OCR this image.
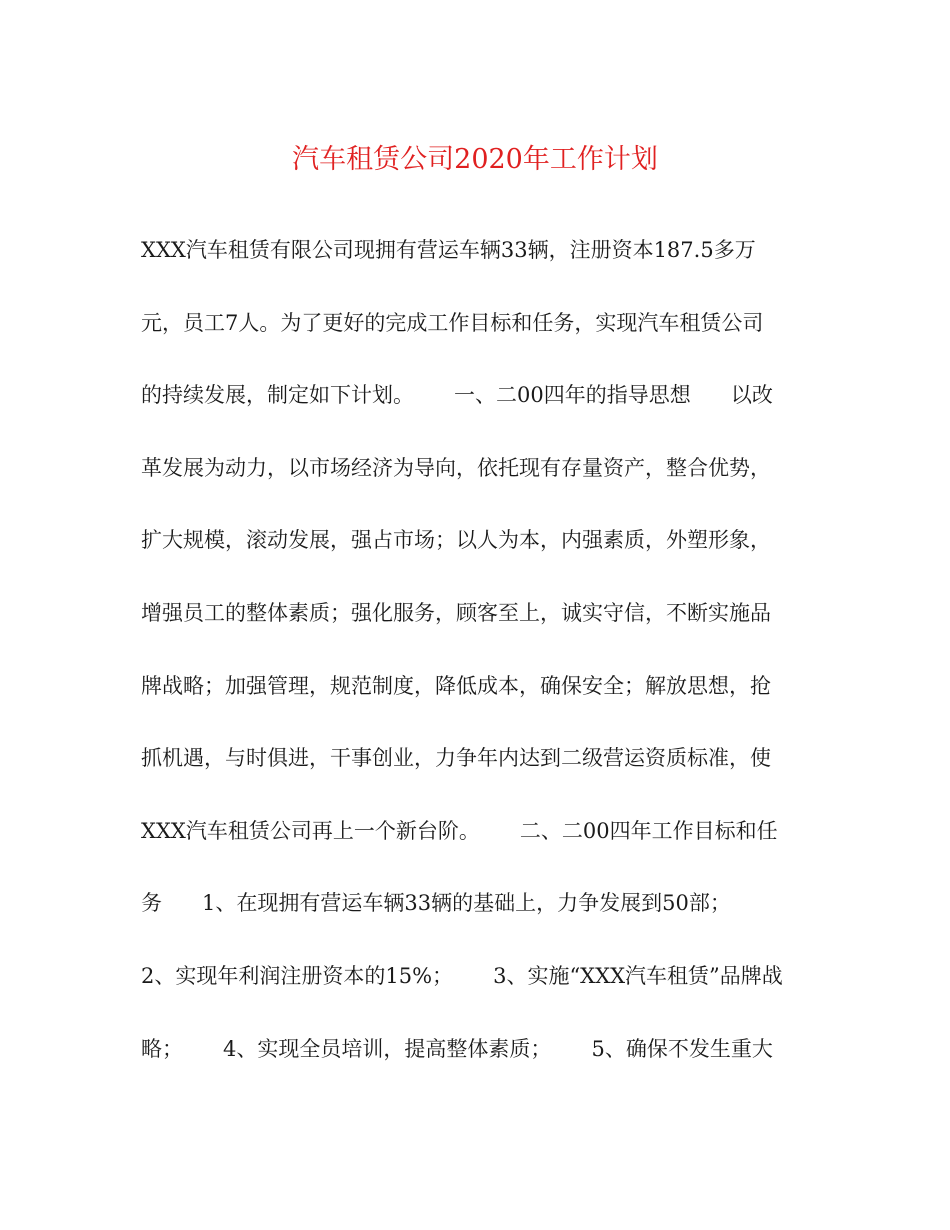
汽车租赁公司2020年工作计划
XXX汽车租赁有限公司现拥有营运车辆33辆，注册资本187.5多万
元，员工7人。为了更好的完成工作目标和任务，实现汽车租赁公司
的持续发展，制定如下计划。      一、二00四年的指导思想      以改
革发展为动力，以市场经济为导向，依托现有存量资产，整合优势，
扩大规模，滚动发展，强占市场；以人为本，内强素质，外塑形象，
增强员工的整体素质；强化服务，顾客至上，诚实守信，不断实施品
牌战略；加强管理，规范制度，降低成本，确保安全；解放思想，抢
抓机遇，与时俱进，干事创业，力争年内达到二级营运资质标准，使
XXX汽车租赁公司再上一个新台阶。      二、二00四年工作目标和任
务      1、在现拥有营运车辆33辆的基础上，力争发展到50部；
2、实现年利润注册资本的15%；      3、实施“XXX汽车租赁”品牌战
略；      4、实现全员培训，提高整体素质；      5、确保不发生重大
